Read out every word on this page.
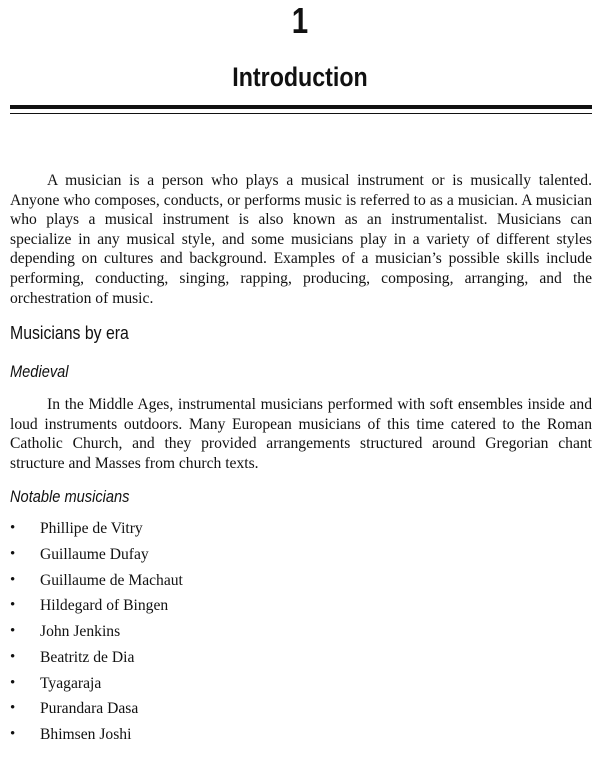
1
Introduction

A musician is a person who plays a musical instrument or is musically talented. Anyone who composes, conducts, or performs music is referred to as a musician. A musician who plays a musical instrument is also known as an instrumentalist. Musicians can specialize in any musical style, and some musicians play in a variety of different styles depending on cultures and background. Examples of a musician’s possible skills include performing, conducting, singing, rapping, producing, composing, arranging, and the orchestration of music.

Musicians by era
Medieval

In the Middle Ages, instrumental musicians performed with soft ensembles inside and loud instruments outdoors. Many European musicians of this time catered to the Roman Catholic Church, and they provided arrangements structured around Gregorian chant structure and Masses from church texts.

Notable musicians
•	Phillipe de Vitry
•	Guillaume Dufay
•	Guillaume de Machaut
•	Hildegard of Bingen
•	John Jenkins
•	Beatritz de Dia
•	Tyagaraja
•	Purandara Dasa
•	Bhimsen Joshi
